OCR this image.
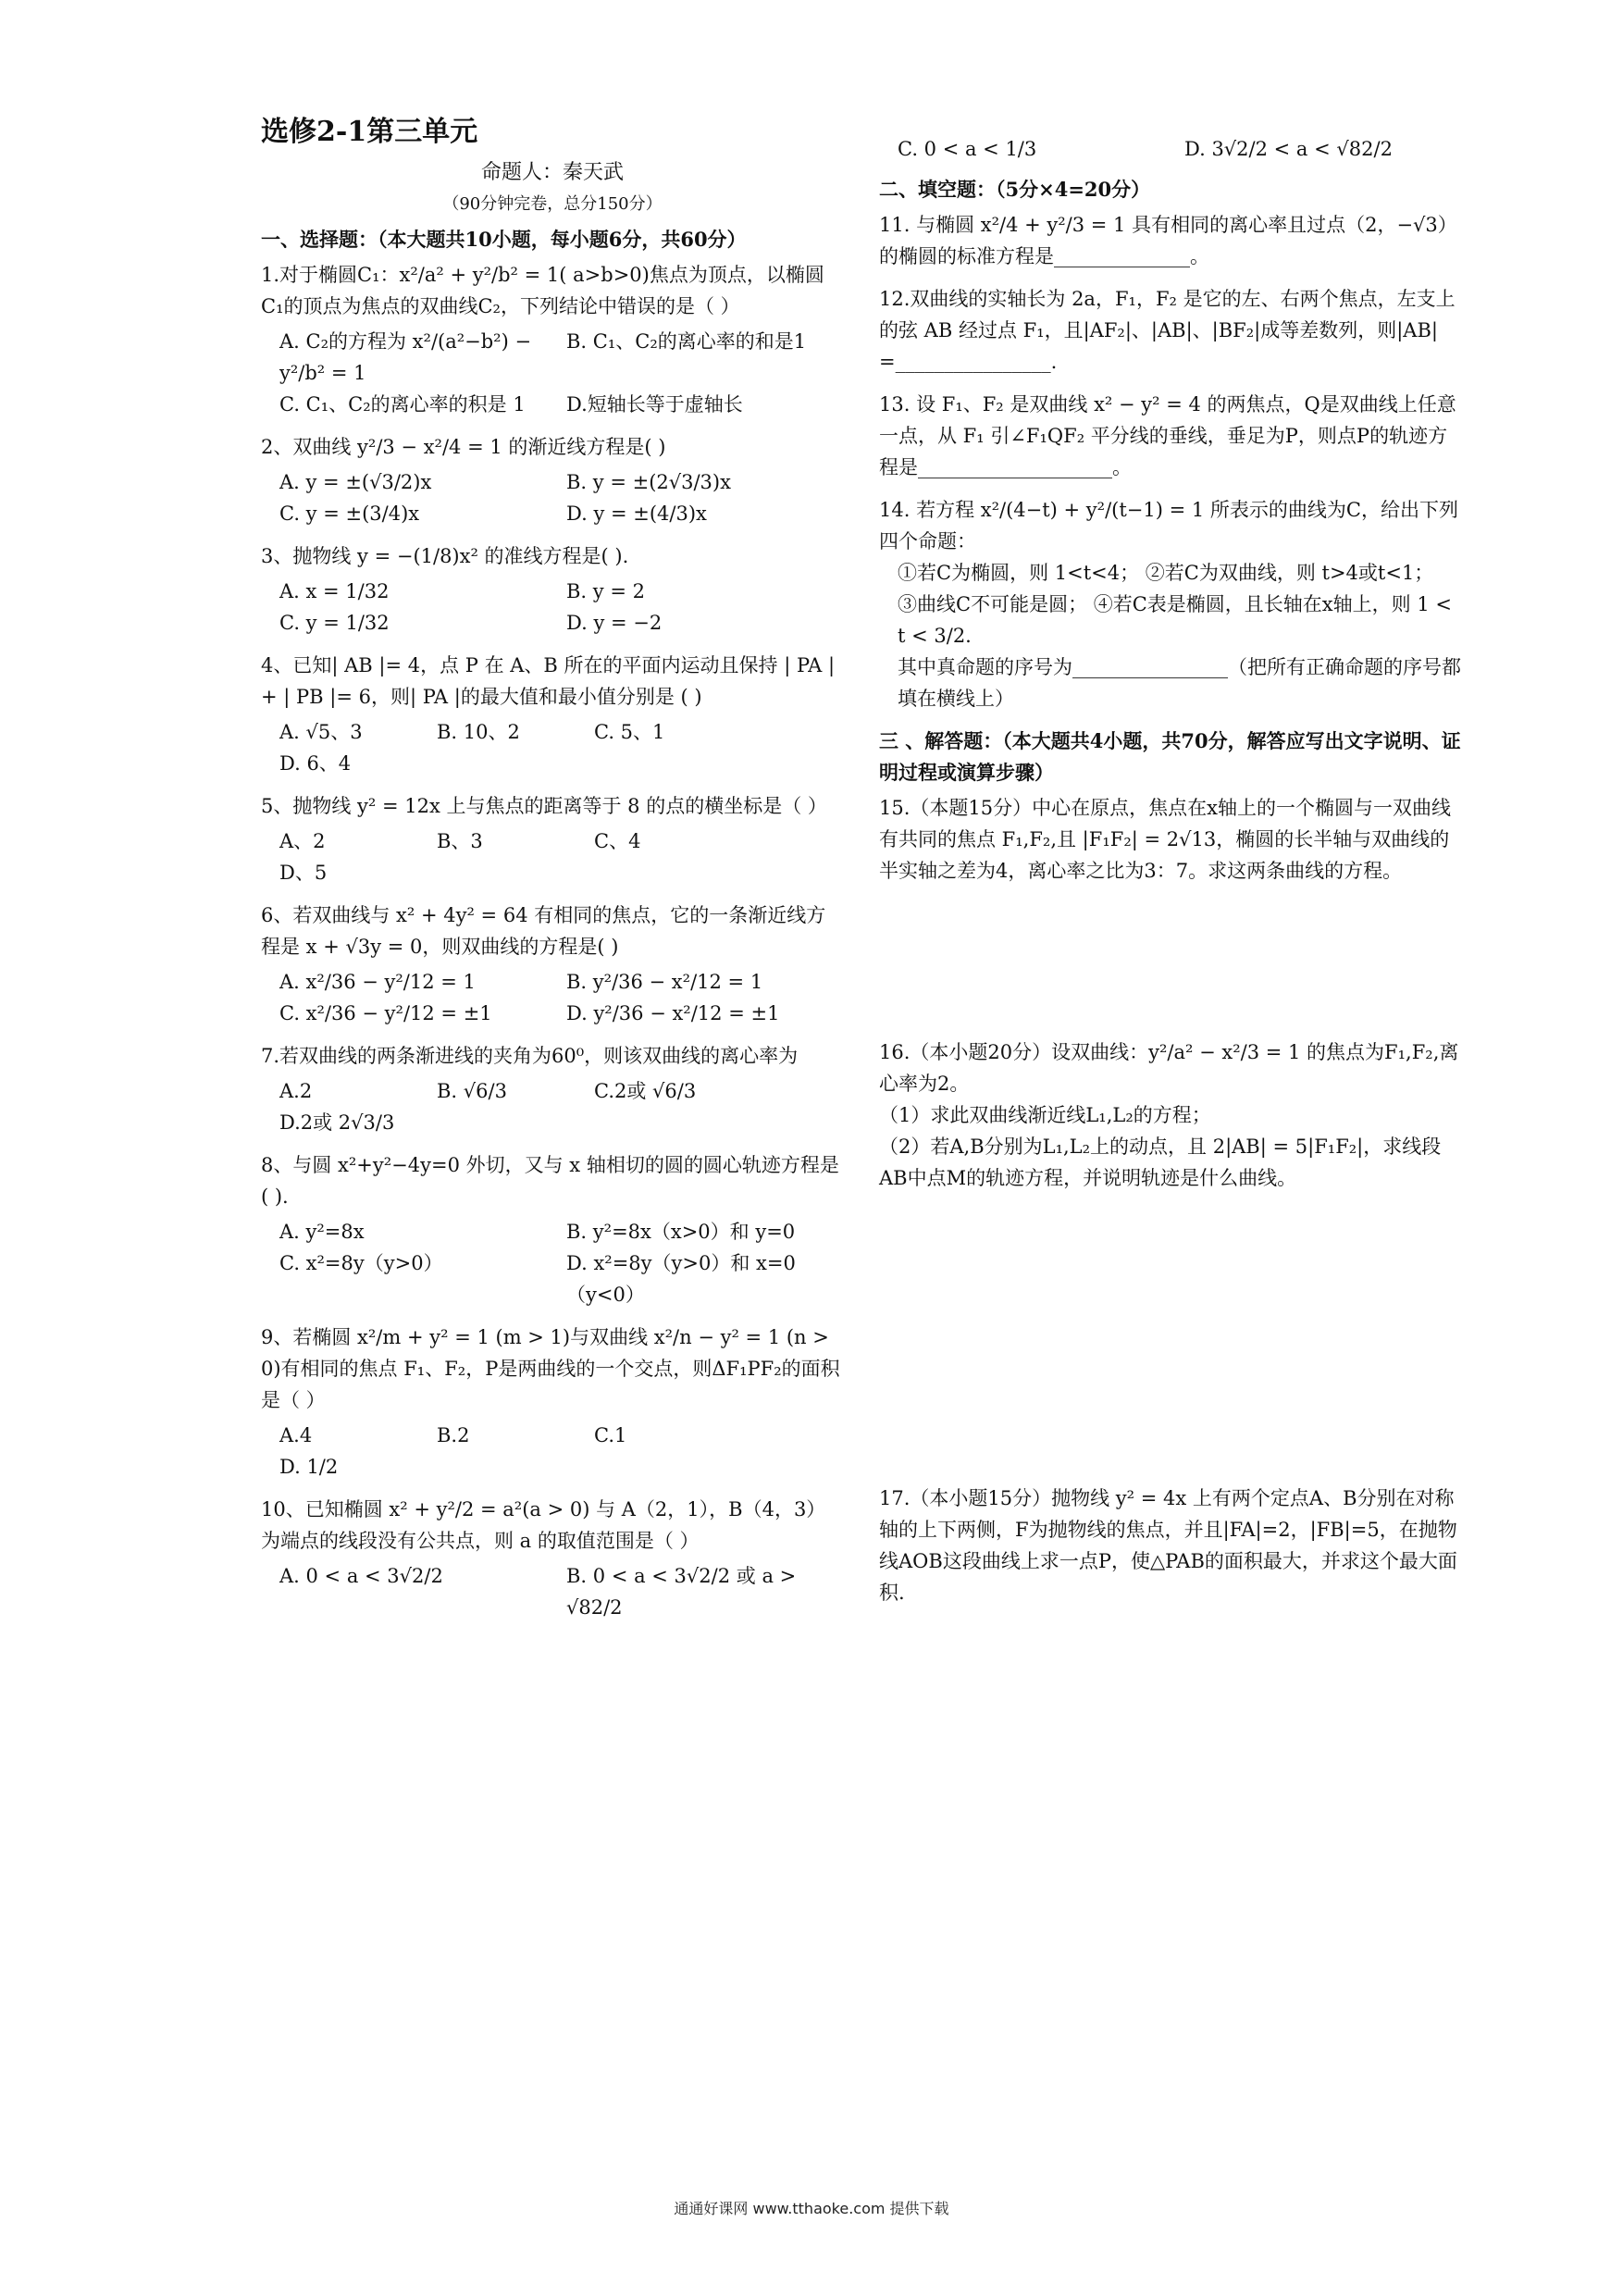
选修2-1第三单元

命题人：秦天武

（90分钟完卷，总分150分）

一、选择题：（本大题共10小题，每小题6分，共60分）

1.对于椭圆C₁：x²/a² + y²/b² = 1( a>b>0)焦点为顶点，以椭圆C₁的顶点为焦点的双曲线C₂，下列结论中错误的是（ ）

A. C₂的方程为 x²/(a²−b²) − y²/b² = 1
B. C₁、C₂的离心率的和是1
C. C₁、C₂的离心率的积是 1	D.短轴长等于虚轴长

2、双曲线 y²/3 − x²/4 = 1 的渐近线方程是( )

A. y = ±(√3/2)x	B. y = ±(2√3/3)x
C. y = ±(3/4)x	D. y = ±(4/3)x

3、抛物线 y = −(1/8)x² 的准线方程是( ).

A. x = 1/32	B. y = 2
C. y = 1/32	D. y = −2

4、已知| AB |= 4，点 P 在 A、B 所在的平面内运动且保持 | PA | + | PB |= 6，则| PA |的最大值和最小值分别是 ( )

A. √5、3	B. 10、2	C. 5、1
D. 6、4

5、抛物线 y² = 12x 上与焦点的距离等于 8 的点的横坐标是（ ）

A、2	B、3	C、4
D、5

6、若双曲线与 x² + 4y² = 64 有相同的焦点，它的一条渐近线方程是 x + √3y = 0，则双曲线的方程是( )

A. x²/36 − y²/12 = 1	B. y²/36 − x²/12 = 1
C. x²/36 − y²/12 = ±1	D. y²/36 − x²/12 = ±1

7.若双曲线的两条渐进线的夹角为60⁰，则该双曲线的离心率为

A.2	B. √6/3	C.2或 √6/3
D.2或 2√3/3

8、与圆 x²+y²−4y=0 外切，又与 x 轴相切的圆的圆心轨迹方程是( ).

A. y²=8x	B. y²=8x（x>0）和 y=0
C. x²=8y（y>0）	D. x²=8y（y>0）和 x=0（y<0）

9、若椭圆 x²/m + y² = 1 (m > 1)与双曲线 x²/n − y² = 1 (n > 0)有相同的焦点 F₁、F₂，P是两曲线的一个交点，则ΔF₁PF₂的面积是（ ）

A.4	B.2	C.1
D. 1/2

10、已知椭圆 x² + y²/2 = a²(a > 0) 与 A（2，1），B（4，3）为端点的线段没有公共点，则 a 的取值范围是（ ）

A. 0 < a < 3√2/2	B. 0 < a < 3√2/2 或 a > √82/2
C. 0 < a < 1/3	D. 3√2/2 < a < √82/2
二、填空题：（5分×4=20分）

11. 与椭圆 x²/4 + y²/3 = 1 具有相同的离心率且过点（2，−√3）的椭圆的标准方程是______________。

12.双曲线的实轴长为 2a，F₁，F₂ 是它的左、右两个焦点，左支上的弦 AB 经过点 F₁，且|AF₂|、|AB|、|BF₂|成等差数列，则|AB| =________________.

13. 设 F₁、F₂ 是双曲线 x² − y² = 4 的两焦点，Q是双曲线上任意一点，从 F₁ 引∠F₁QF₂ 平分线的垂线，垂足为P，则点P的轨迹方程是____________________。

14. 若方程 x²/(4−t) + y²/(t−1) = 1 所表示的曲线为C，给出下列四个命题：

①若C为椭圆，则 1<t<4； ②若C为双曲线，则 t>4或t<1；

③曲线C不可能是圆； ④若C表是椭圆，且长轴在x轴上，则 1 < t < 3/2.

其中真命题的序号为________________（把所有正确命题的序号都填在横线上）

三 、解答题：（本大题共4小题，共70分，解答应写出文字说明、证明过程或演算步骤）

15.（本题15分）中心在原点，焦点在x轴上的一个椭圆与一双曲线有共同的焦点 F₁,F₂,且 |F₁F₂| = 2√13，椭圆的长半轴与双曲线的半实轴之差为4，离心率之比为3：7。求这两条曲线的方程。

16.（本小题20分）设双曲线：y²/a² − x²/3 = 1 的焦点为F₁,F₂,离心率为2。

（1）求此双曲线渐近线L₁,L₂的方程；

（2）若A,B分别为L₁,L₂上的动点，且 2|AB| = 5|F₁F₂|，求线段AB中点M的轨迹方程，并说明轨迹是什么曲线。

17.（本小题15分）抛物线 y² = 4x 上有两个定点A、B分别在对称轴的上下两侧，F为抛物线的焦点，并且|FA|=2，|FB|=5，在抛物线AOB这段曲线上求一点P，使△PAB的面积最大，并求这个最大面积.

通通好课网 www.tthaoke.com 提供下载
